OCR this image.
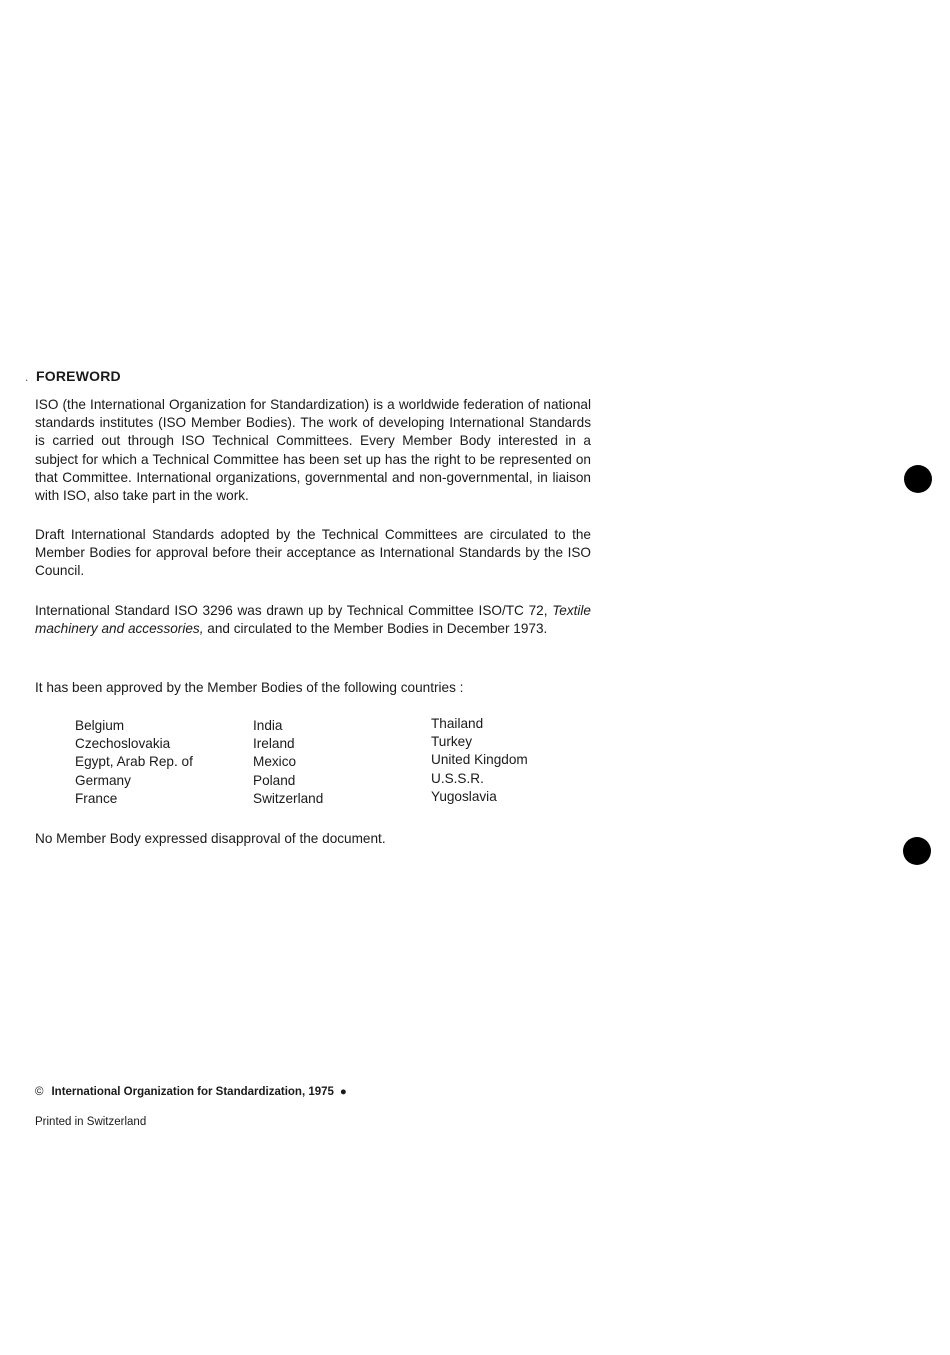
. FOREWORD
ISO (the International Organization for Standardization) is a worldwide federation of national standards institutes (ISO Member Bodies). The work of developing International Standards is carried out through ISO Technical Committees. Every Member Body interested in a subject for which a Technical Committee has been set up has the right to be represented on that Committee. International organizations, governmental and non-governmental, in liaison with ISO, also take part in the work.
Draft International Standards adopted by the Technical Committees are circulated to the Member Bodies for approval before their acceptance as International Standards by the ISO Council.
International Standard ISO 3296 was drawn up by Technical Committee ISO/TC 72, Textile machinery and accessories, and circulated to the Member Bodies in December 1973.
It has been approved by the Member Bodies of the following countries :
Belgium
Czechoslovakia
Egypt, Arab Rep. of
Germany
France
India
Ireland
Mexico
Poland
Switzerland
Thailand
Turkey
United Kingdom
U.S.S.R.
Yugoslavia
No Member Body expressed disapproval of the document.
© International Organization for Standardization, 1975 ●
Printed in Switzerland
